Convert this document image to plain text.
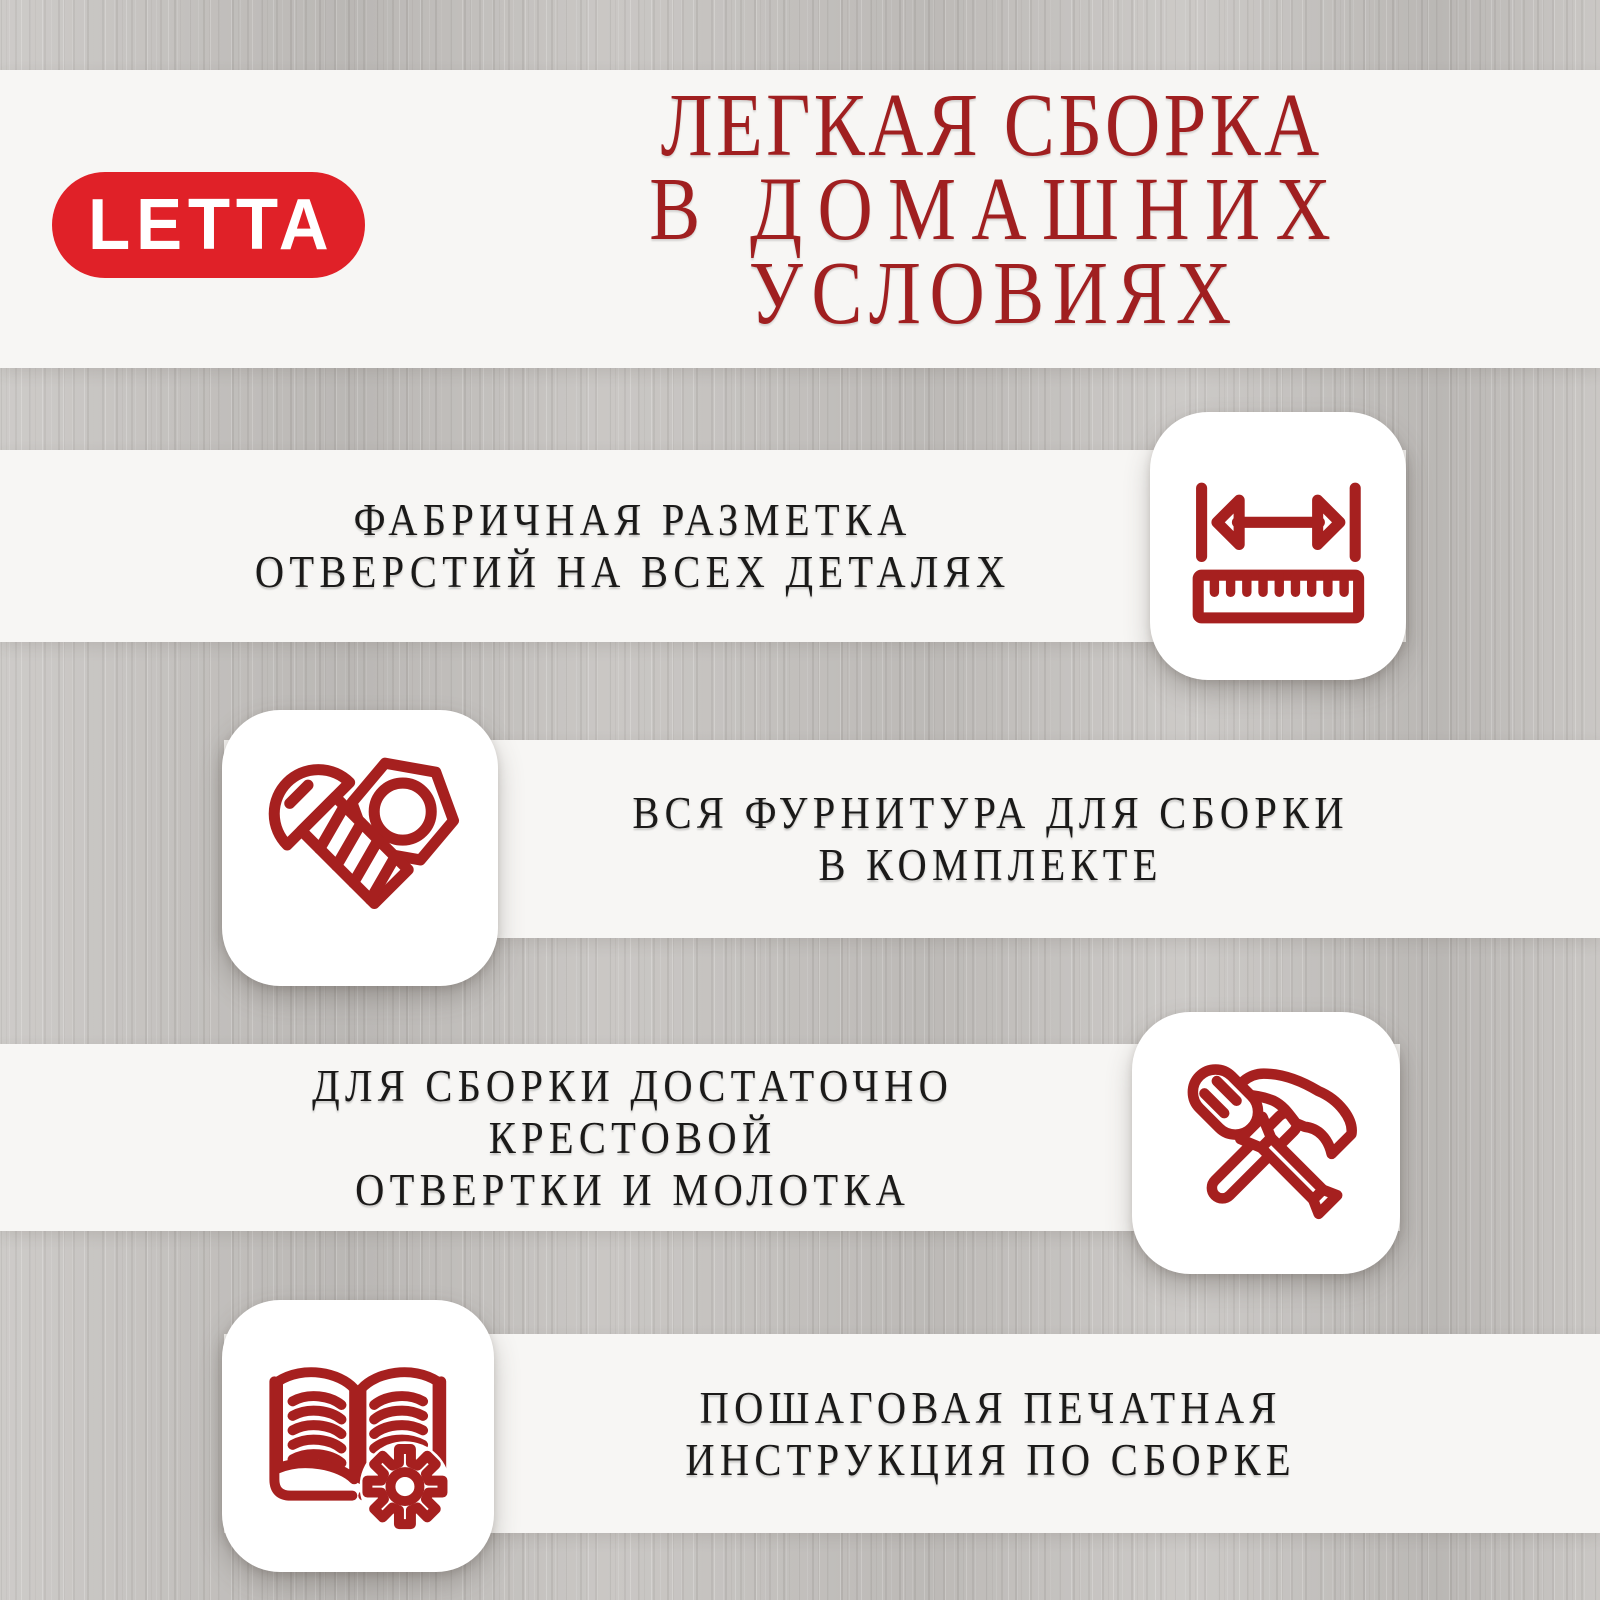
LETTA
ЛЕГКАЯ СБОРКА
В ДОМАШНИХ
УСЛОВИЯХ
ФАБРИЧНАЯ РАЗМЕТКА
ОТВЕРСТИЙ НА ВСЕХ ДЕТАЛЯХ
ВСЯ ФУРНИТУРА ДЛЯ СБОРКИ
В КОМПЛЕКТЕ
ДЛЯ СБОРКИ ДОСТАТОЧНО
КРЕСТОВОЙ
ОТВЕРТКИ И МОЛОТКА
ПОШАГОВАЯ ПЕЧАТНАЯ
ИНСТРУКЦИЯ ПО СБОРКЕ
